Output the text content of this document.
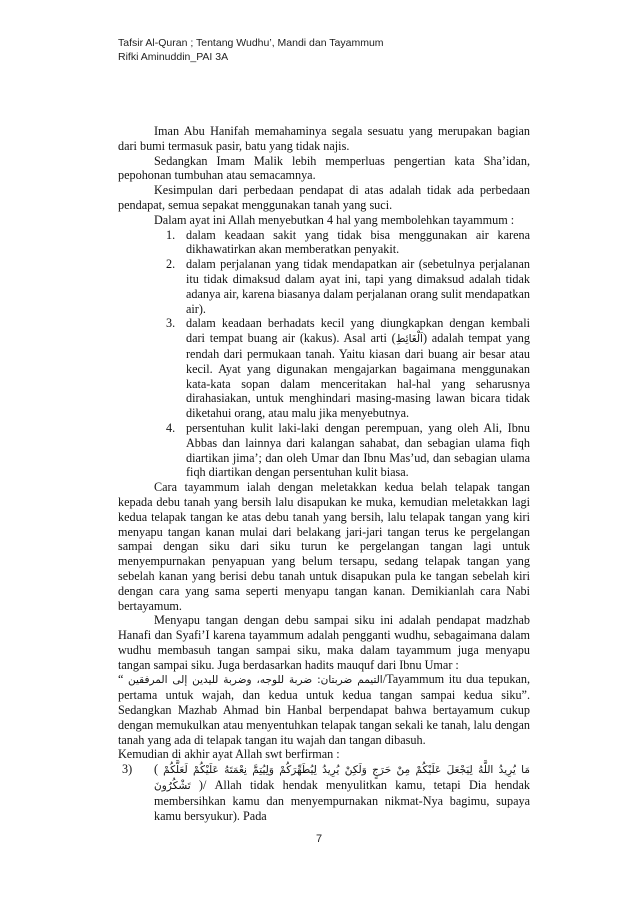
Tafsir Al-Quran ; Tentang Wudhu’, Mandi dan Tayammum
Rifki Aminuddin_PAI 3A

Iman Abu Hanifah memahaminya segala sesuatu yang merupakan bagian dari bumi termasuk pasir, batu yang tidak najis.

Sedangkan Imam Malik lebih memperluas pengertian kata Sha’idan, pepohonan tumbuhan atau semacamnya.

Kesimpulan dari perbedaan pendapat di atas adalah tidak ada perbedaan pendapat, semua sepakat menggunakan tanah yang suci.

Dalam ayat ini Allah menyebutkan 4 hal yang membolehkan tayammum :

1. dalam keadaan sakit yang tidak bisa menggunakan air karena dikhawatirkan akan memberatkan penyakit.

2. dalam perjalanan yang tidak mendapatkan air (sebetulnya perjalanan itu tidak dimaksud dalam ayat ini, tapi yang dimaksud adalah tidak adanya air, karena biasanya dalam perjalanan orang sulit mendapatkan air).

3. dalam keadaan berhadats kecil yang diungkapkan dengan kembali dari tempat buang air (kakus). Asal arti (اَلْغَائِطِ) adalah tempat yang rendah dari permukaan tanah. Yaitu kiasan dari buang air besar atau kecil. Ayat yang digunakan mengajarkan bagaimana menggunakan kata-kata sopan dalam menceritakan hal-hal yang seharusnya dirahasiakan, untuk menghindari masing-masing lawan bicara tidak diketahui orang, atau malu jika menyebutnya.

4. persentuhan kulit laki-laki dengan perempuan, yang oleh Ali, Ibnu Abbas dan lainnya dari kalangan sahabat, dan sebagian ulama fiqh diartikan jima’; dan oleh Umar dan Ibnu Mas’ud, dan sebagian ulama fiqh diartikan dengan persentuhan kulit biasa.

Cara tayammum ialah dengan meletakkan kedua belah telapak tangan kepada debu tanah yang bersih lalu disapukan ke muka, kemudian meletakkan lagi kedua telapak tangan ke atas debu tanah yang bersih, lalu telapak tangan yang kiri menyapu tangan kanan mulai dari belakang jari-jari tangan terus ke pergelangan sampai dengan siku dari siku turun ke pergelangan tangan lagi untuk menyempurnakan penyapuan yang belum tersapu, sedang telapak tangan yang sebelah kanan yang berisi debu tanah untuk disapukan pula ke tangan sebelah kiri dengan cara yang sama seperti menyapu tangan kanan. Demikianlah cara Nabi bertayamum.

Menyapu tangan dengan debu sampai siku ini adalah pendapat madzhab Hanafi dan Syafi’I karena tayammum adalah pengganti wudhu, sebagaimana dalam wudhu membasuh tangan sampai siku, maka dalam tayammum juga menyapu tangan sampai siku. Juga berdasarkan hadits mauquf dari Ibnu Umar :

“ التيمم ضربتان: ضربة للوجه، وضربة لليدين إلى المرفقين/Tayammum itu dua tepukan, pertama untuk wajah, dan kedua untuk kedua tangan sampai kedua siku”. Sedangkan Mazhab Ahmad bin Hanbal berpendapat bahwa bertayamum cukup dengan memukulkan atau menyentuhkan telapak tangan sekali ke tanah, lalu dengan tanah yang ada di telapak tangan itu wajah dan tangan dibasuh.

Kemudian di akhir ayat Allah swt berfirman :

3) ( مَا يُرِيدُ اللَّهُ لِيَجْعَلَ عَلَيْكُمْ مِنْ حَرَجٍ وَلَكِنْ يُرِيدُ لِيُطَهِّرَكُمْ وَلِيُتِمَّ نِعْمَتَهُ عَلَيْكُمْ لَعَلَّكُمْ تَشْكُرُونَ )/ Allah tidak hendak menyulitkan kamu, tetapi Dia hendak membersihkan kamu dan menyempurnakan nikmat-Nya bagimu, supaya kamu bersyukur). Pada

7
